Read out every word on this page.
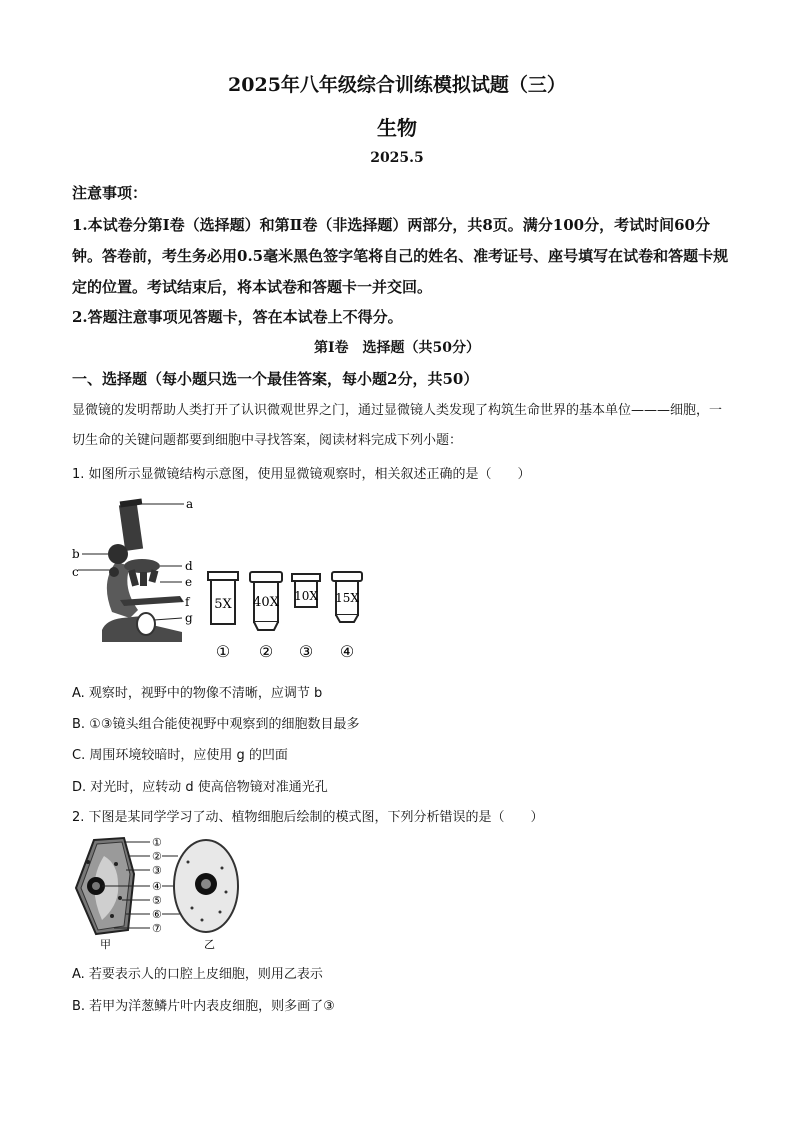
2025年八年级综合训练模拟试题（三）
生物
2025.5
注意事项：
1.本试卷分第Ⅰ卷（选择题）和第Ⅱ卷（非选择题）两部分，共8页。满分100分，考试时间60分钟。答卷前，考生务必用0.5毫米黑色签字笔将自己的姓名、准考证号、座号填写在试卷和答题卡规定的位置。考试结束后，将本试卷和答题卡一并交回。
2.答题注意事项见答题卡，答在本试卷上不得分。
第Ⅰ卷　选择题（共50分）
一、选择题（每小题只选一个最佳答案，每小题2分，共50）
显微镜的发明帮助人类打开了认识微观世界之门，通过显微镜人类发现了构筑生命世界的基本单位———细胞，一切生命的关键问题都要到细胞中寻找答案，阅读材料完成下列小题：
1. 如图所示显微镜结构示意图，使用显微镜观察时，相关叙述正确的是（　　）
a
b
c	d
e
f
g
5X 40X 10X 15X
① ② ③ ④
A. 观察时，视野中的物像不清晰，应调节 b
B. ①③镜头组合能使视野中观察到的细胞数目最多
C. 周围环境较暗时，应使用 g 的凹面
D. 对光时，应转动 d 使高倍物镜对准通光孔
2. 下图是某同学学习了动、植物细胞后绘制的模式图，下列分析错误的是（　　）
①
②
③
④
⑤
⑥
⑦
甲	乙
A. 若要表示人的口腔上皮细胞，则用乙表示
B. 若甲为洋葱鳞片叶内表皮细胞，则多画了③
